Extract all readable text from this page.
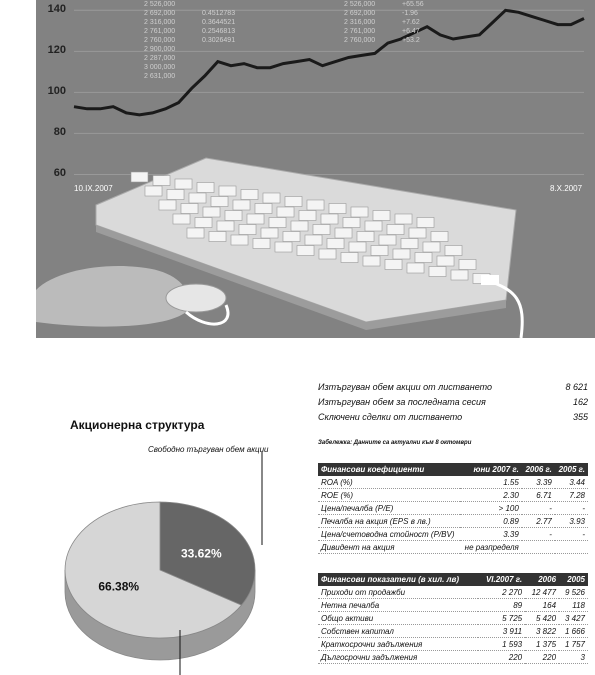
60
80
100
120
140
10.IX.2007	8.X.2007
2 526,000
2 692,000
2 316,000
2 761,000
2 760,000
2 900,000
2 287,000
3 000,000
2 631,000
0.4512783
0.3644521
0.2546813
0.3026491
2 526,000
2 692,000
2 316,000
2 761,000
2 760,000
+65.56
-1.96
+7.62
+6.47
+53.2
Изтъргуван обем акции от листването	8 621
Изтъргуван обем за последната сесия	162
Сключени сделки от листването	355
Забележка: Данните са актуални към 8 октомври
Акционерна структура
Свободно търгуван обем акции
33.62%
66.38%
Финансови коефициенти	юни 2007 г.	2006 г.	2005 г.
ROA (%)	1.55	3.39	3.44
ROE (%)	2.30	6.71	7.28
Цена/печалба (P/E)	> 100	-	-
Печалба на акция (EPS в лв.)	0.89	2.77	3.93
Цена/счетоводна стойност (P/BV)	3.39	-	-
Дивидент на акция	не разпределя		
Финансови показатели (в хил. лв)	VI.2007 г.	2006	2005
Приходи от продажби	2 270	12 477	9 526
Нетна печалба	89	164	118
Общо активи	5 725	5 420	3 427
Собствен капитал	3 911	3 822	1 666
Краткосрочни задължения	1 593	1 375	1 757
Дългосрочни задължения	220	220	3
